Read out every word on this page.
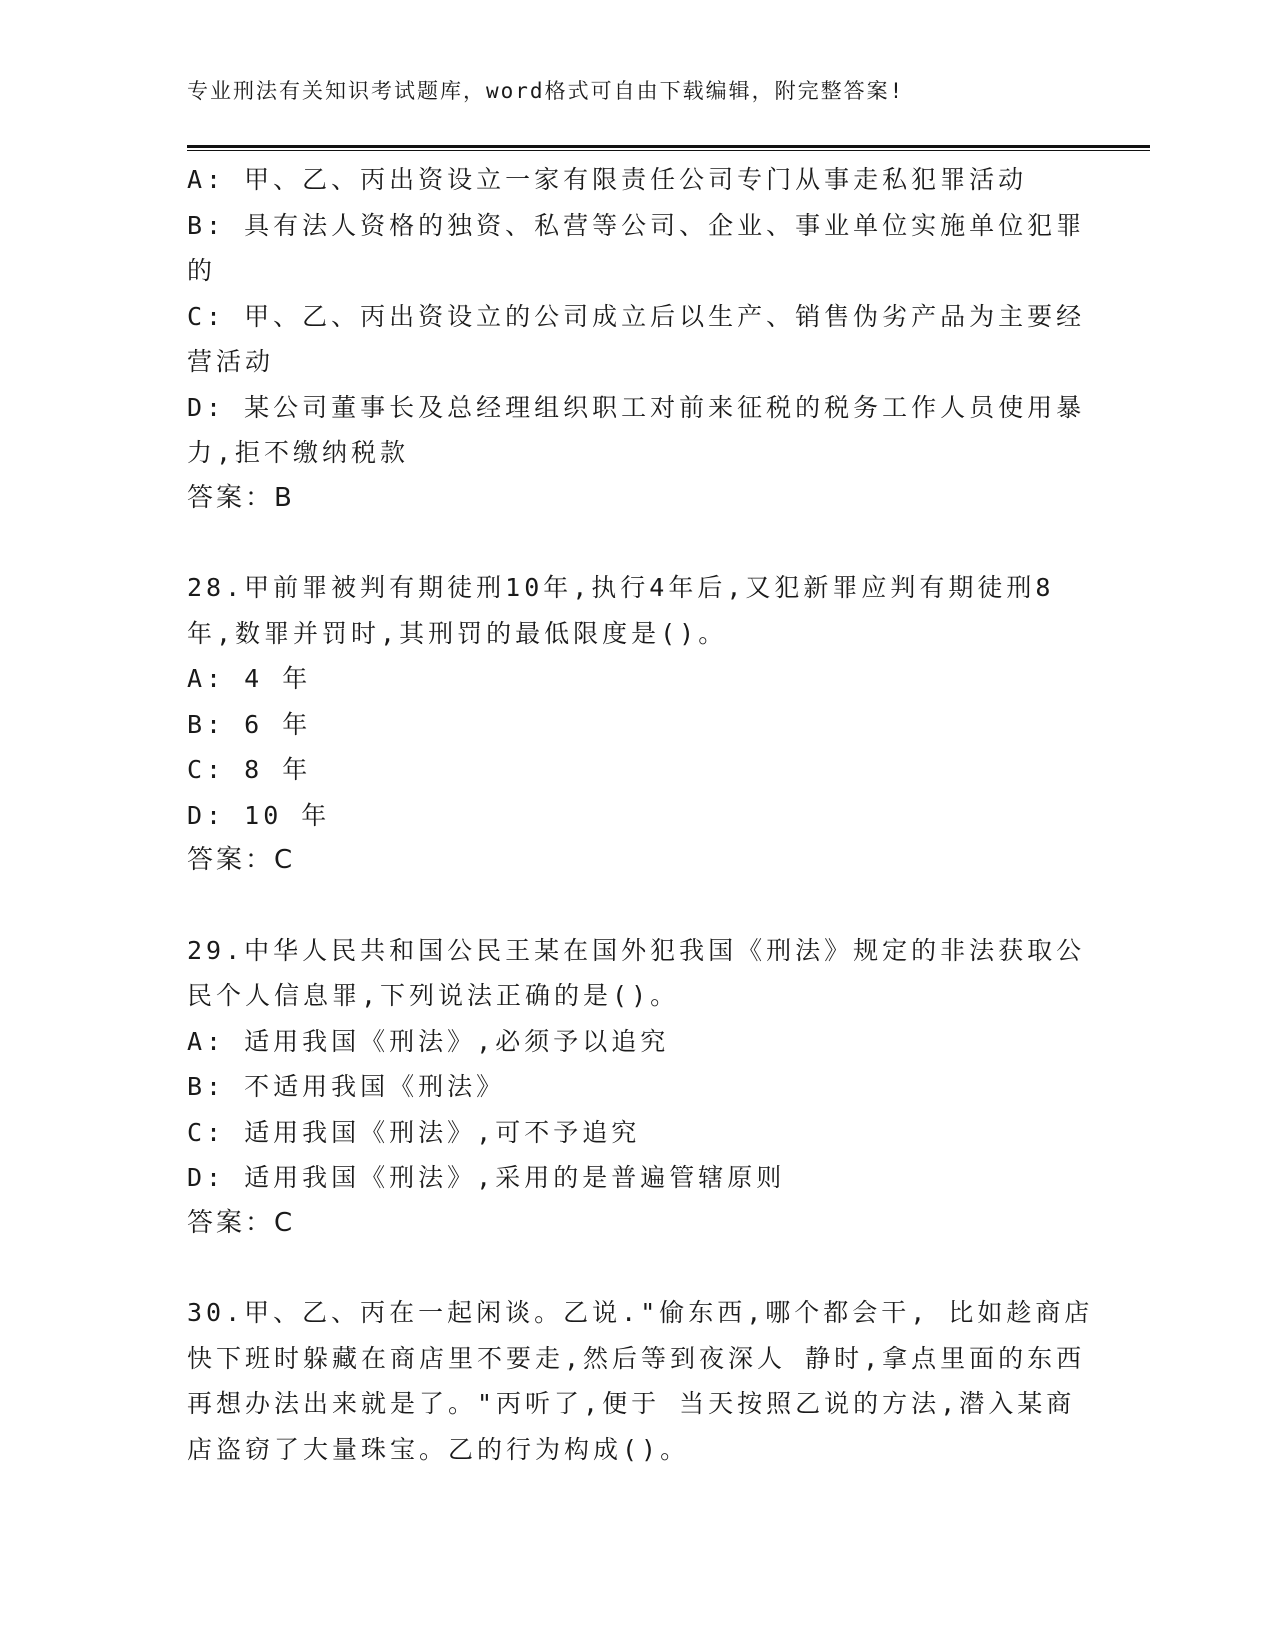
专业刑法有关知识考试题库，word格式可自由下载编辑，附完整答案!
A: 甲、乙、丙出资设立一家有限责任公司专门从事走私犯罪活动
B: 具有法人资格的独资、私营等公司、企业、事业单位实施单位犯罪
的
C: 甲、乙、丙出资设立的公司成立后以生产、销售伪劣产品为主要经
营活动
D: 某公司董事长及总经理组织职工对前来征税的税务工作人员使用暴
力,拒不缴纳税款
答案：B
28.甲前罪被判有期徒刑10年,执行4年后,又犯新罪应判有期徒刑8
年,数罪并罚时,其刑罚的最低限度是()。
A: 4 年
B: 6 年
C: 8 年
D: 10 年
答案：C
29.中华人民共和国公民王某在国外犯我国《刑法》规定的非法获取公
民个人信息罪,下列说法正确的是()。
A: 适用我国《刑法》,必须予以追究
B: 不适用我国《刑法》
C: 适用我国《刑法》,可不予追究
D: 适用我国《刑法》,采用的是普遍管辖原则
答案：C
30.甲、乙、丙在一起闲谈。乙说."偷东西,哪个都会干, 比如趁商店
快下班时躲藏在商店里不要走,然后等到夜深人 静时,拿点里面的东西
再想办法出来就是了。"丙听了,便于 当天按照乙说的方法,潜入某商
店盗窃了大量珠宝。乙的行为构成()。
